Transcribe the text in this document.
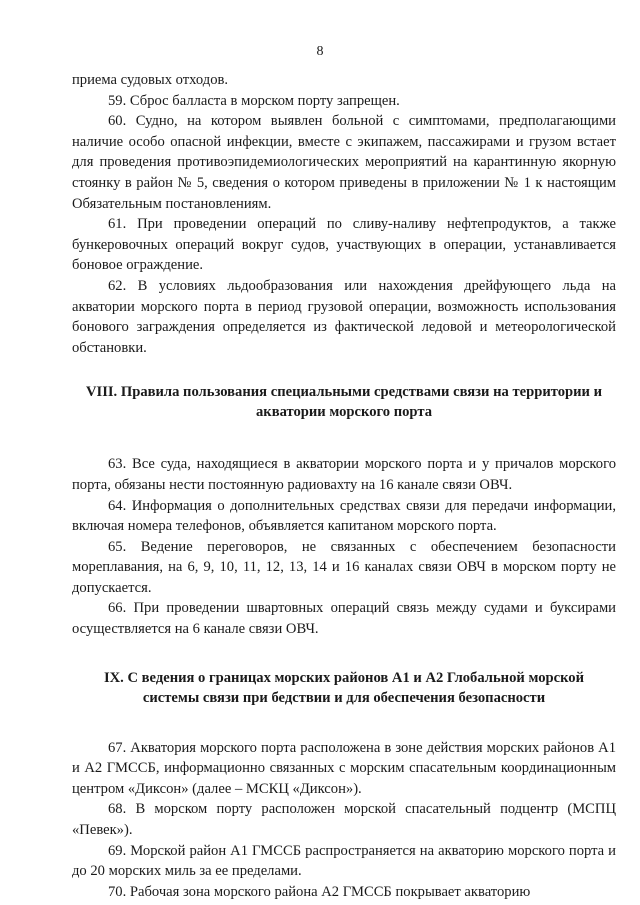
8

приема судовых отходов.

59. Сброс балласта в морском порту запрещен.

60. Судно, на котором выявлен больной с симптомами, предполагающими наличие особо опасной инфекции, вместе с экипажем, пассажирами и грузом встает для проведения противоэпидемиологических мероприятий на карантинную якорную стоянку в район № 5, сведения о котором приведены в приложении № 1 к настоящим Обязательным постановлениям.

61. При проведении операций по сливу-наливу нефтепродуктов, а также бункеровочных операций вокруг судов, участвующих в операции, устанавливается боновое ограждение.

62. В условиях льдообразования или нахождения дрейфующего льда на акватории морского порта в период грузовой операции, возможность использования бонового заграждения определяется из фактической ледовой и метеорологической обстановки.

VIII. Правила пользования специальными средствами связи на территории и акватории морского порта

63. Все суда, находящиеся в акватории морского порта и у причалов морского порта, обязаны нести постоянную радиовахту на 16 канале связи ОВЧ.

64. Информация о дополнительных средствах связи для передачи информации, включая номера телефонов, объявляется капитаном морского порта.

65. Ведение переговоров, не связанных с обеспечением безопасности мореплавания, на 6, 9, 10, 11, 12, 13, 14 и 16 каналах связи ОВЧ в морском порту не допускается.

66. При проведении швартовных операций связь между судами и буксирами осуществляется на 6 канале связи ОВЧ.

IX. С ведения о границах морских районов А1 и А2 Глобальной морской системы связи при бедствии и для обеспечения безопасности

67. Акватория морского порта расположена в зоне действия морских районов А1 и А2 ГМССБ, информационно связанных с морским спасательным координационным центром «Диксон» (далее – МСКЦ «Диксон»).

68. В морском порту расположен морской спасательный подцентр (МСПЦ «Певек»).

69. Морской район А1 ГМССБ распространяется на акваторию морского порта и до 20 морских миль за ее пределами.

70. Рабочая зона морского района А2 ГМССБ покрывает акваторию
